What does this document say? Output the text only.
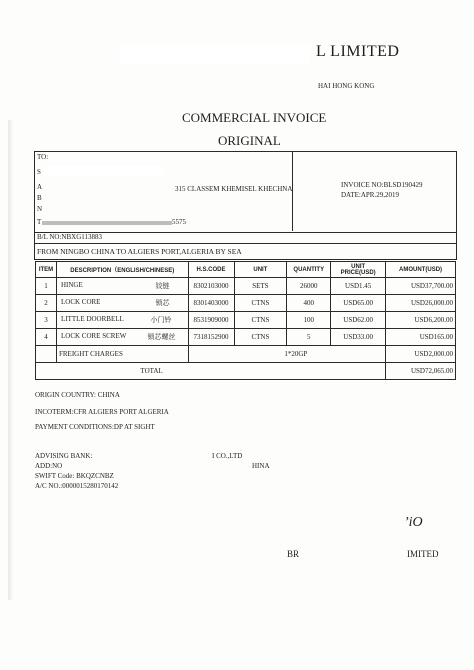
L LIMITED
HAI HONG KONG
COMMERCIAL INVOICE
ORIGINAL
TO:
S
A
B
N
T
315 CLASSEM KHEMISEL KHECHNA
5575
INVOICE NO:BLSD190429
DATE:APR.29,2019
B/L NO:NBXG113883
FROM NINGBO CHINA TO ALGIERS PORT,ALGERIA BY SEA
ITEM	DESCRIPTION（ENGLISH/CHINESE)	H.S.CODE	UNIT	QUANTITY	UNIT PRICE(USD)	AMOUNT(USD)
1	HINGE 铰链	8302103000	SETS	26000	USD1.45	USD37,700.00
2	LOCK CORE 锁芯	8301403000	CTNS	400	USD65.00	USD26,000.00
3	LITTLE DOORBELL 小门铃	8531909000	CTNS	100	USD62.00	USD6,200.00
4	LOCK CORE SCREW 锁芯螺丝	7318152900	CTNS	5	USD33.00	USD165.00
	FREIGHT CHARGES	1*20GP				USD2,000.00
TOTAL						USD72,065.00
ORIGIN COUNTRY: CHINA
INCOTERM:CFR ALGIERS PORT ALGERIA
PAYMENT CONDITIONS:DP AT SIGHT
ADVISING BANK:	I CO.,LTD
ADD:NO	HINA
SWIFT Code: BKQZCNBZ
A/C NO.:0000015280170142
’iO
BR	IMITED
